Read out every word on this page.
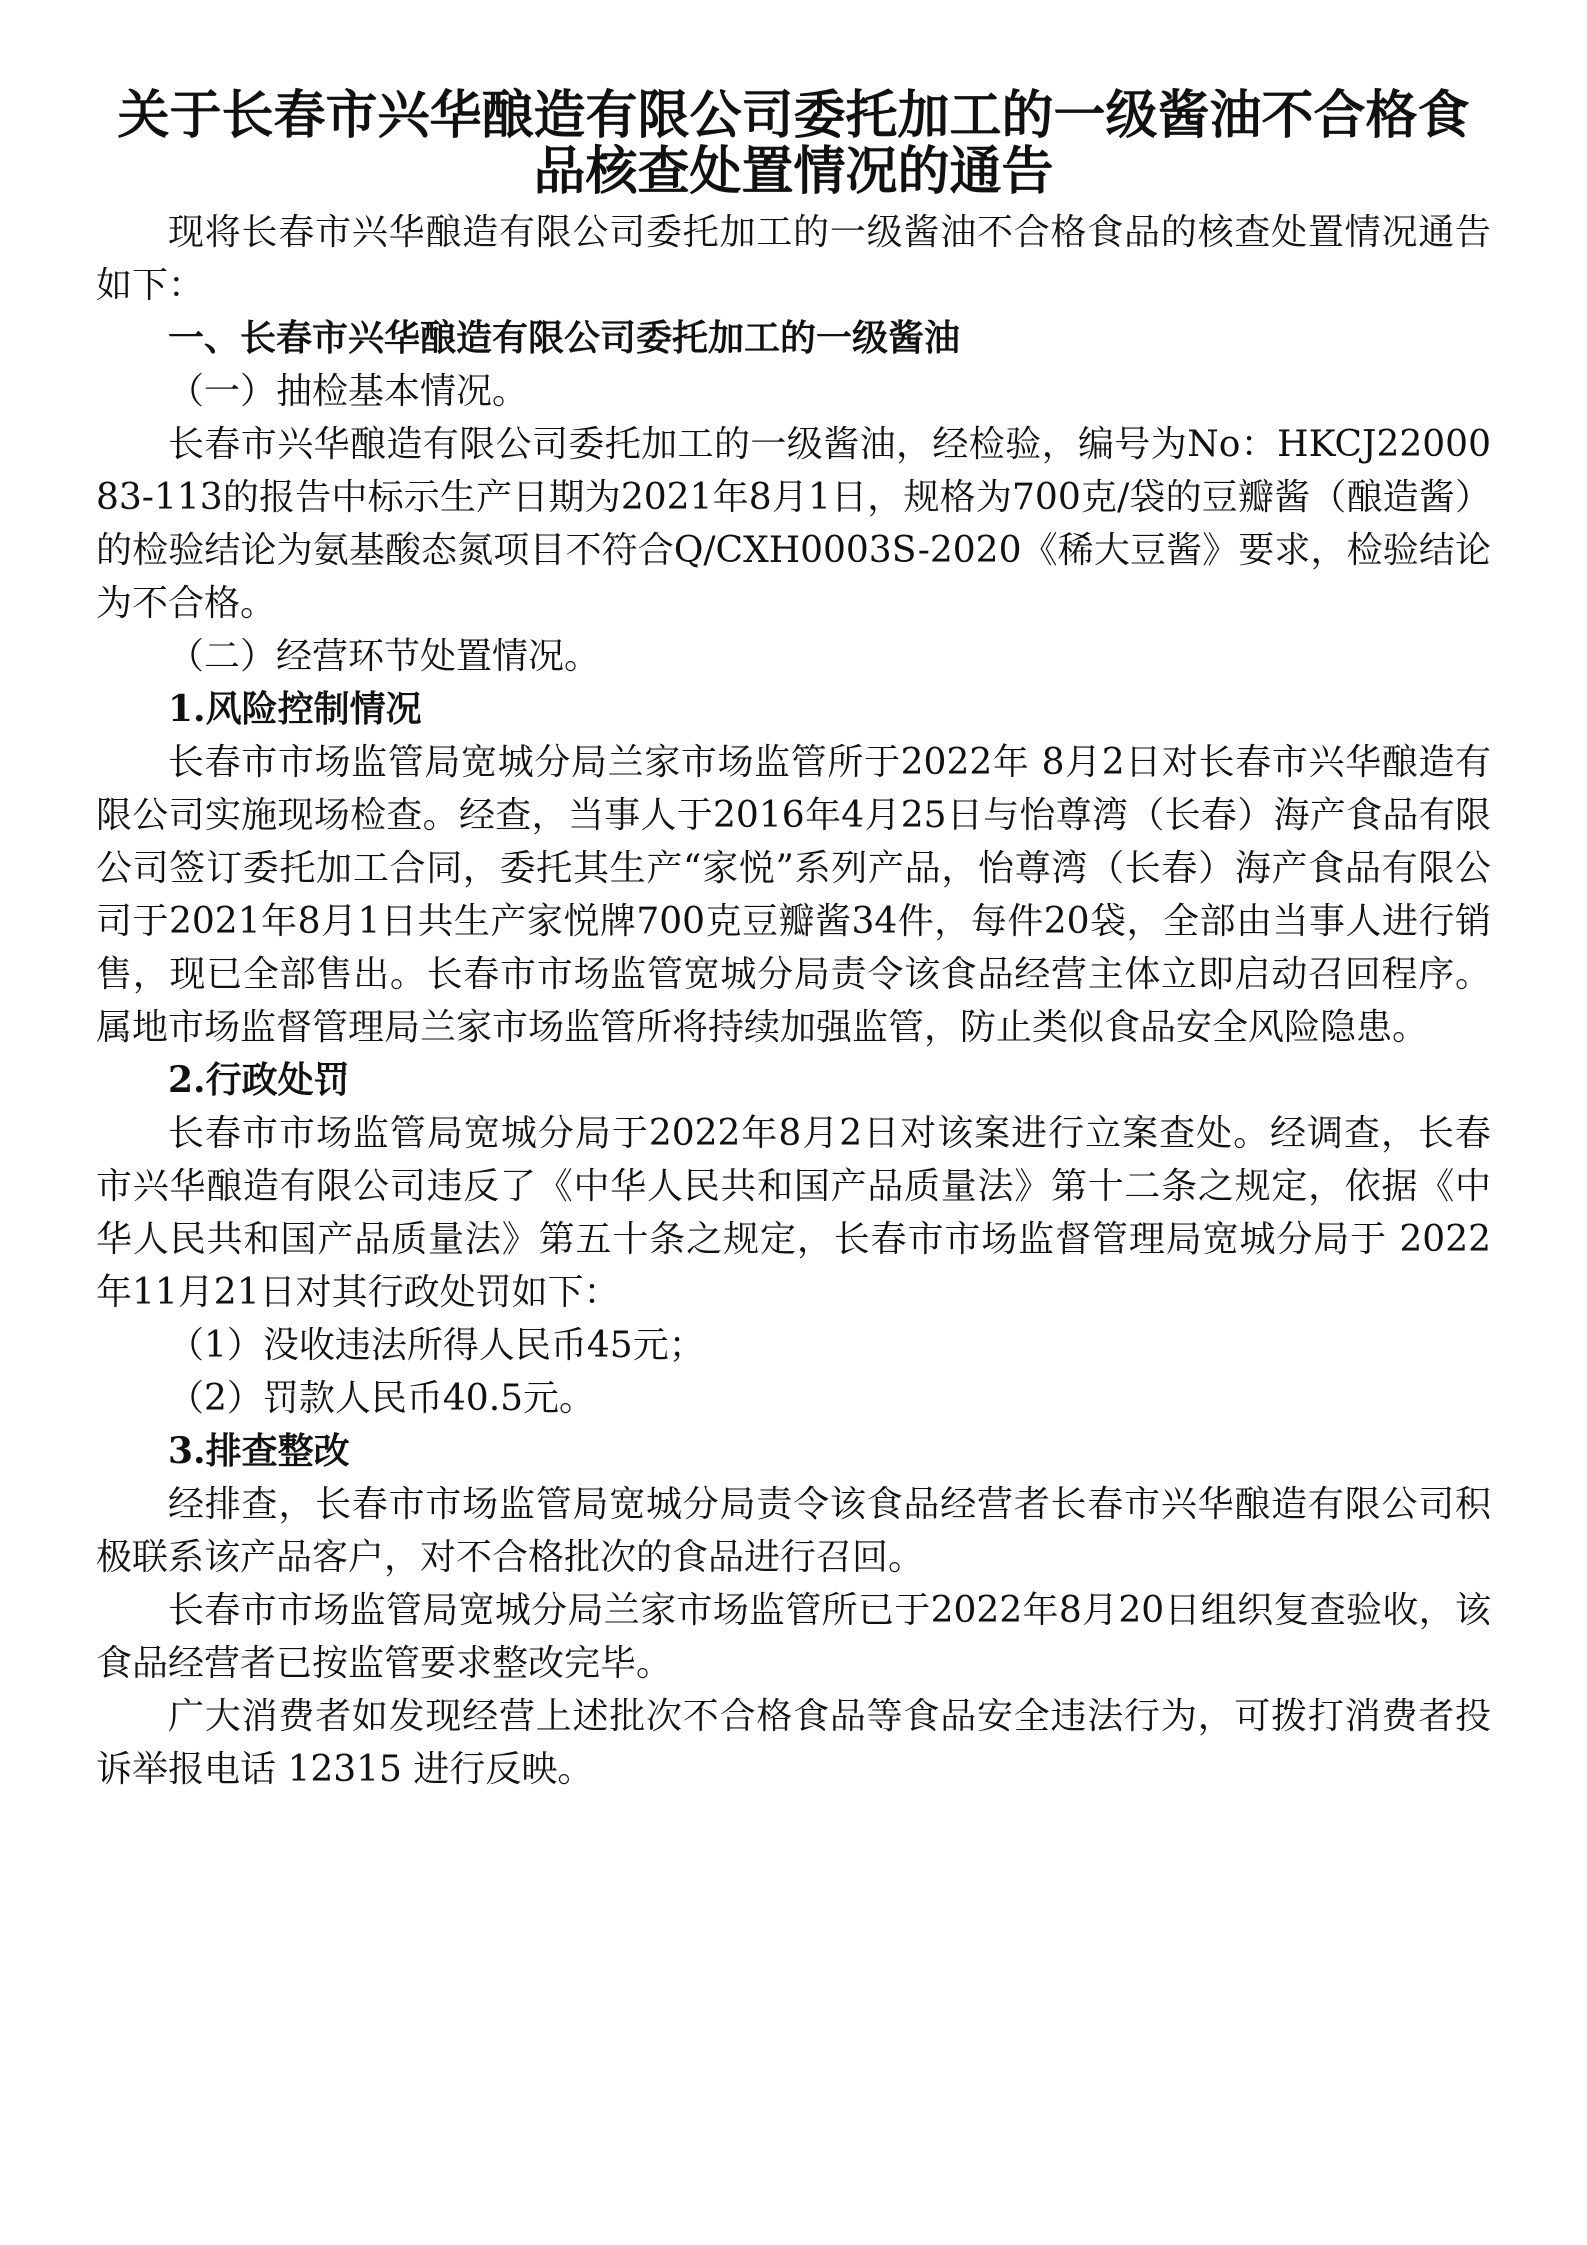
关于长春市兴华酿造有限公司委托加工的一级酱油不合格食品核查处置情况的通告

现将长春市兴华酿造有限公司委托加工的一级酱油不合格食品的核查处置情况通告如下：

一、长春市兴华酿造有限公司委托加工的一级酱油

（一）抽检基本情况。

长春市兴华酿造有限公司委托加工的一级酱油，经检验，编号为No：HKCJ2200083-113的报告中标示生产日期为2021年8月1日，规格为700克/袋的豆瓣酱（酿造酱）的检验结论为氨基酸态氮项目不符合Q/CXH0003S-2020《稀大豆酱》要求，检验结论为不合格。

（二）经营环节处置情况。

1.风险控制情况

长春市市场监管局宽城分局兰家市场监管所于2022年 8月2日对长春市兴华酿造有限公司实施现场检查。经查，当事人于2016年4月25日与怡尊湾（长春）海产食品有限公司签订委托加工合同，委托其生产“家悦”系列产品，怡尊湾（长春）海产食品有限公司于2021年8月1日共生产家悦牌700克豆瓣酱34件，每件20袋，全部由当事人进行销售，现已全部售出。长春市市场监管宽城分局责令该食品经营主体立即启动召回程序。属地市场监督管理局兰家市场监管所将持续加强监管，防止类似食品安全风险隐患。

2.行政处罚

长春市市场监管局宽城分局于2022年8月2日对该案进行立案查处。经调查，长春市兴华酿造有限公司违反了《中华人民共和国产品质量法》第十二条之规定，依据《中华人民共和国产品质量法》第五十条之规定，长春市市场监督管理局宽城分局于 2022年11月21日对其行政处罚如下：

（1）没收违法所得人民币45元；

（2）罚款人民币40.5元。

3.排查整改

经排查，长春市市场监管局宽城分局责令该食品经营者长春市兴华酿造有限公司积极联系该产品客户，对不合格批次的食品进行召回。

长春市市场监管局宽城分局兰家市场监管所已于2022年8月20日组织复查验收，该食品经营者已按监管要求整改完毕。

广大消费者如发现经营上述批次不合格食品等食品安全违法行为，可拨打消费者投诉举报电话 12315 进行反映。
